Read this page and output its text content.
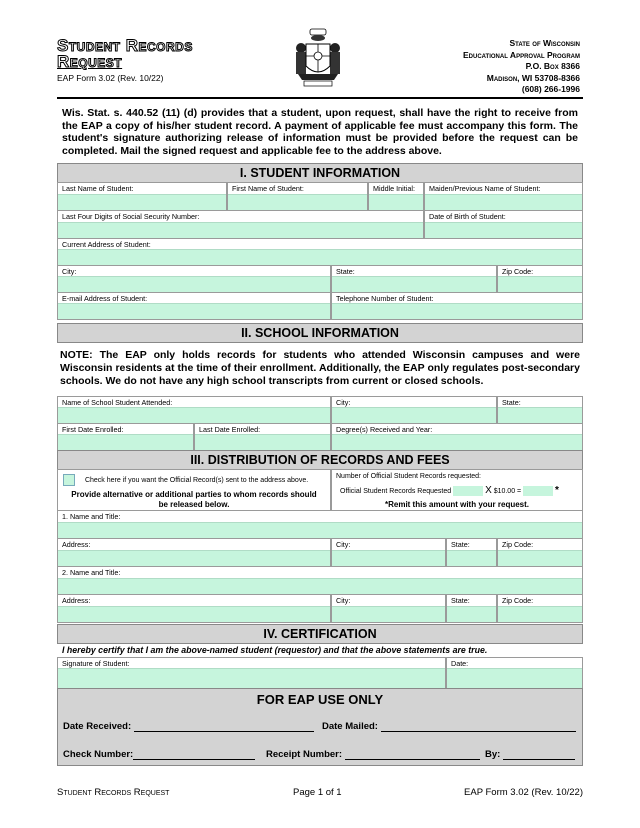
Student Records
Request
EAP Form 3.02 (Rev. 10/22)
State of Wisconsin
Educational Approval Program
P.O. Box 8366
Madison, WI 53708-8366
(608) 266-1996
Wis. Stat. s. 440.52 (11) (d) provides that a student, upon request, shall have the right to receive from the EAP a copy of his/her student record. A payment of applicable fee must accompany this form. The student's signature authorizing release of information must be provided before the request can be completed. Mail the signed request and applicable fee to the address above.
I. STUDENT INFORMATION
Last Name of Student:	First Name of Student:	Middle Initial:	Maiden/Previous Name of Student:
Last Four Digits of Social Security Number:	Date of Birth of Student:
Current Address of Student:
City:	State:	Zip Code:
E-mail Address of Student:	Telephone Number of Student:
II. SCHOOL INFORMATION
NOTE: The EAP only holds records for students who attended Wisconsin campuses and were Wisconsin residents at the time of their enrollment. Additionally, the EAP only regulates post-secondary schools. We do not have any high school transcripts from current or closed schools.
Name of School Student Attended:	City:	State:
First Date Enrolled:	Last Date Enrolled:	Degree(s) Received and Year:
III. DISTRIBUTION OF RECORDS AND FEES
Check here if you want the Official Record(s) sent to the address above.
Provide alternative or additional parties to whom records should be released below.
Number of Official Student Records requested:
Official Student Records Requested	X $10.00 =	*
*Remit this amount with your request.
1. Name and Title:
Address:	City:	State:	Zip Code:
2. Name and Title:
Address:	City:	State:	Zip Code:
IV. CERTIFICATION
I hereby certify that I am the above-named student (requestor) and that the above statements are true.
Signature of Student:	Date:
FOR EAP USE ONLY
Date Received:	Date Mailed:
Check Number:	Receipt Number:	By:
Student Records Request	Page 1 of 1	EAP Form 3.02 (Rev. 10/22)
